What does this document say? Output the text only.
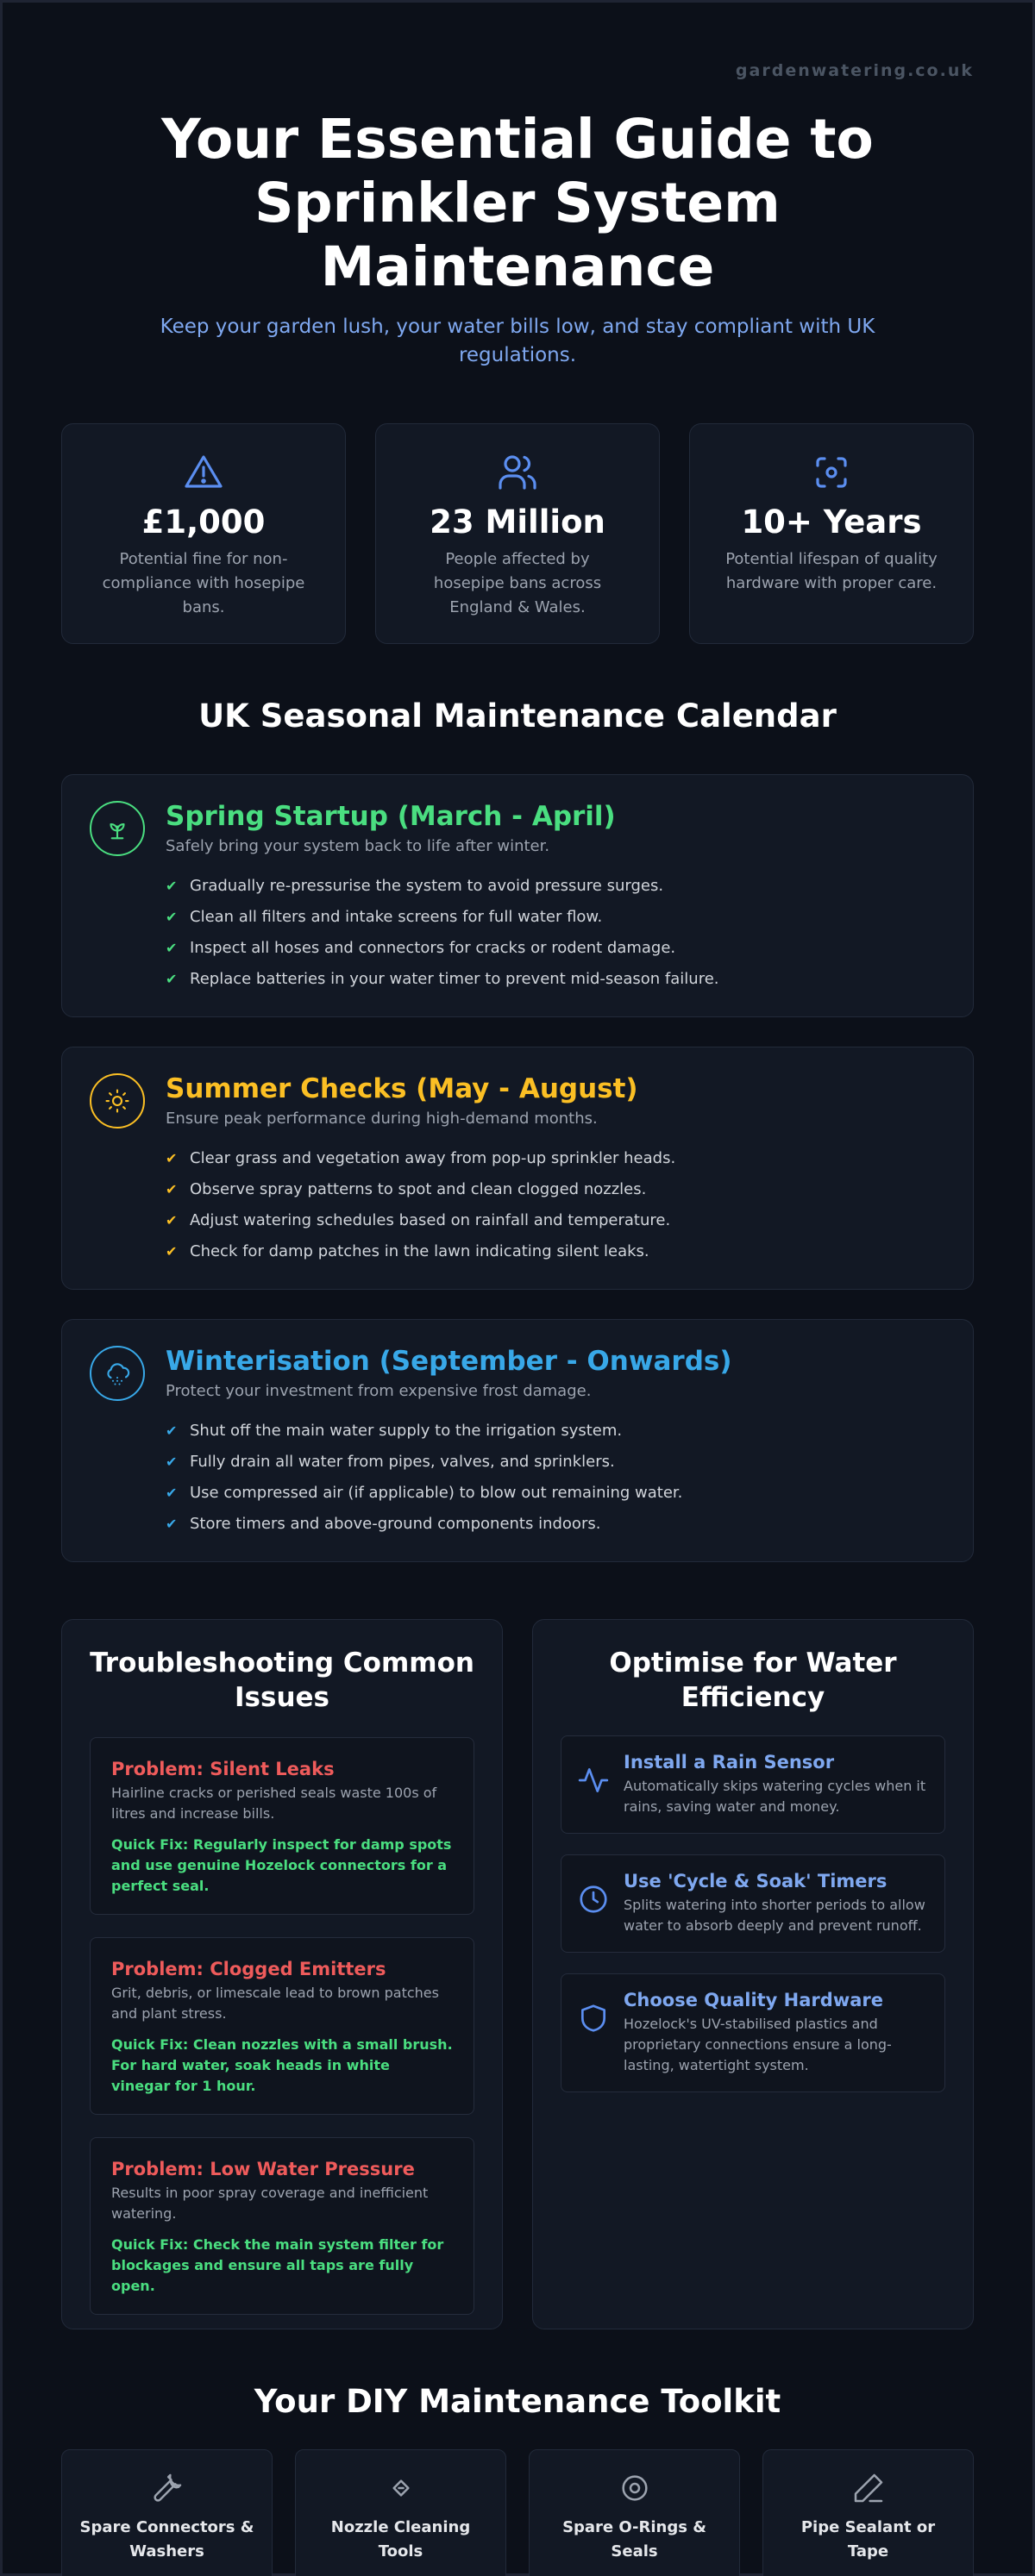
gardenwatering.co.uk
Your Essential Guide to
Sprinkler System Maintenance

Keep your garden lush, your water bills low, and stay compliant with UK regulations.

£1,000
Potential fine for non-compliance with hosepipe bans.
23 Million
People affected by hosepipe bans across England & Wales.
10+ Years
Potential lifespan of quality hardware with proper care.
UK Seasonal Maintenance Calendar
Spring Startup (March - April)
Safely bring your system back to life after winter.
✔ Gradually re-pressurise the system to avoid pressure surges.
✔ Clean all filters and intake screens for full water flow.
✔ Inspect all hoses and connectors for cracks or rodent damage.
✔ Replace batteries in your water timer to prevent mid-season failure.
Summer Checks (May - August)
Ensure peak performance during high-demand months.
✔ Clear grass and vegetation away from pop-up sprinkler heads.
✔ Observe spray patterns to spot and clean clogged nozzles.
✔ Adjust watering schedules based on rainfall and temperature.
✔ Check for damp patches in the lawn indicating silent leaks.
Winterisation (September - Onwards)
Protect your investment from expensive frost damage.
✔ Shut off the main water supply to the irrigation system.
✔ Fully drain all water from pipes, valves, and sprinklers.
✔ Use compressed air (if applicable) to blow out remaining water.
✔ Store timers and above-ground components indoors.
Troubleshooting Common Issues
Problem: Silent Leaks
Hairline cracks or perished seals waste 100s of litres and increase bills.
Quick Fix: Regularly inspect for damp spots and use genuine Hozelock connectors for a perfect seal.
Problem: Clogged Emitters
Grit, debris, or limescale lead to brown patches and plant stress.
Quick Fix: Clean nozzles with a small brush. For hard water, soak heads in white vinegar for 1 hour.
Problem: Low Water Pressure
Results in poor spray coverage and inefficient watering.
Quick Fix: Check the main system filter for blockages and ensure all taps are fully open.
Optimise for Water Efficiency
Install a Rain Sensor
Automatically skips watering cycles when it rains, saving water and money.
Use 'Cycle & Soak' Timers
Splits watering into shorter periods to allow water to absorb deeply and prevent runoff.
Choose Quality Hardware
Hozelock's UV-stabilised plastics and proprietary connections ensure a long-lasting, watertight system.
Your DIY Maintenance Toolkit
Spare Connectors & Washers
Nozzle Cleaning Tools
Spare O-Rings & Seals
Pipe Sealant or Tape
